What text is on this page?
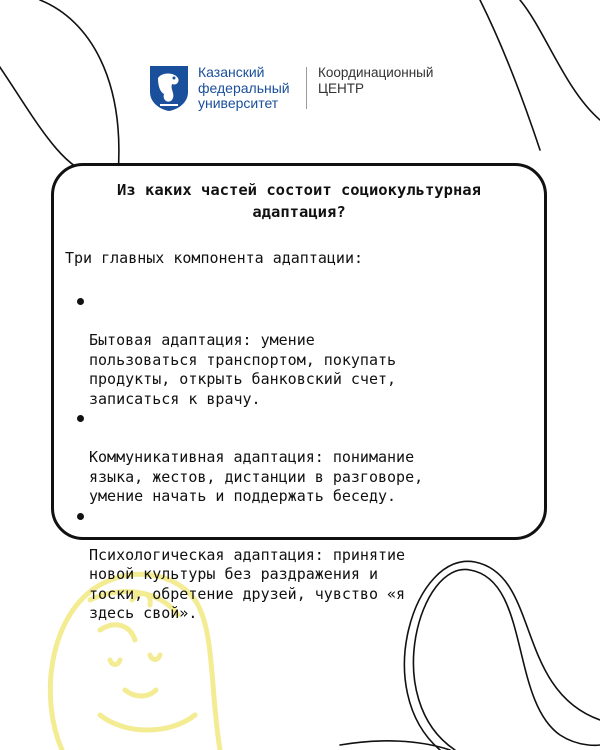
Казанский
федеральный
университет
Координационный
ЦЕНТР
Из каких частей состоит социокультурная
адаптация?

Три главных компонента адаптации:

Бытовая адаптация: умение
пользоваться транспортом, покупать
продукты, открыть банковский счет,
записаться к врачу.

Коммуникативная адаптация: понимание
языка, жестов, дистанции в разговоре,
умение начать и поддержать беседу.

Психологическая адаптация: принятие
новой культуры без раздражения и
тоски, обретение друзей, чувство «я
здесь свой».
